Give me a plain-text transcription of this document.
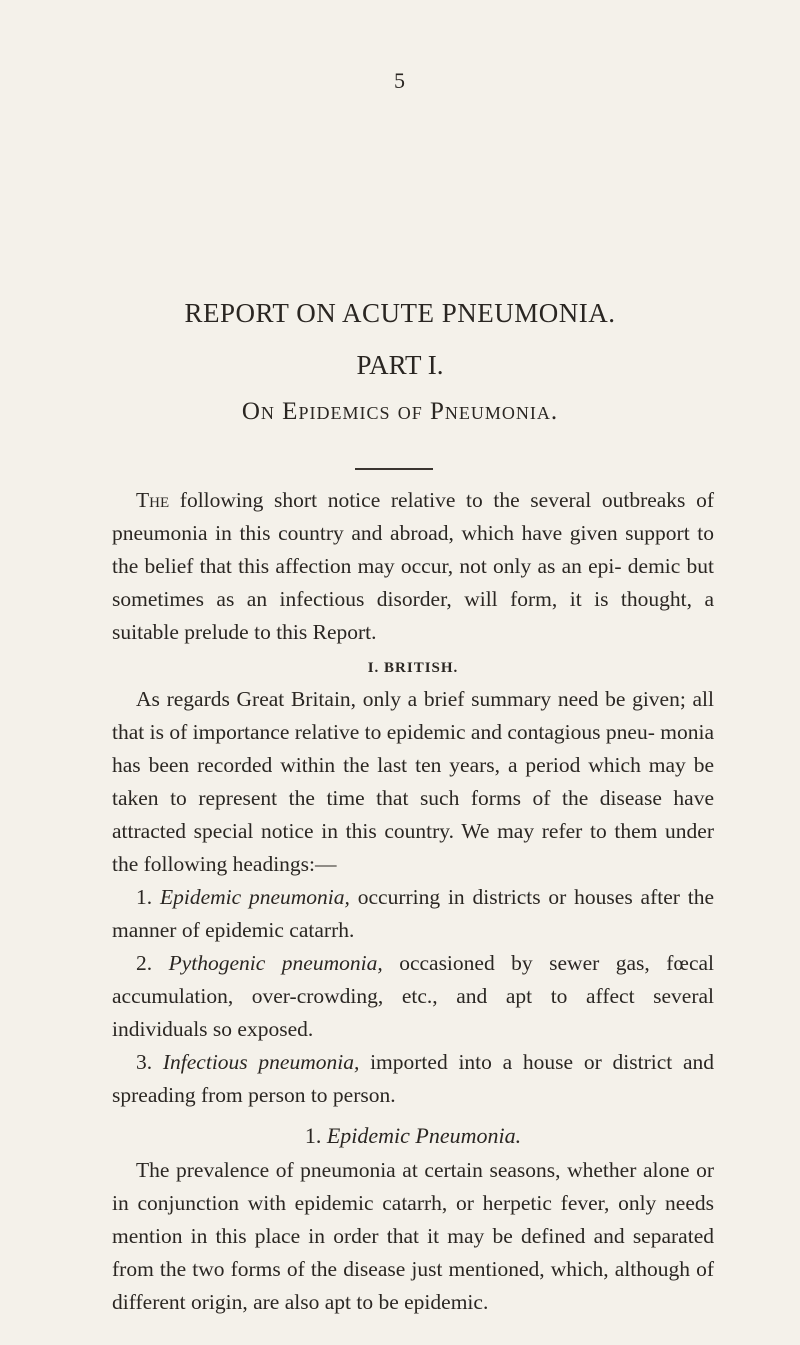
5
REPORT ON ACUTE PNEUMONIA.
PART I.
On Epidemics of Pneumonia.

The following short notice relative to the several outbreaks of pneumonia in this country and abroad, which have given support to the belief that this affection may occur, not only as an epi- demic but sometimes as an infectious disorder, will form, it is thought, a suitable prelude to this Report.

I. BRITISH.

As regards Great Britain, only a brief summary need be given; all that is of importance relative to epidemic and contagious pneu- monia has been recorded within the last ten years, a period which may be taken to represent the time that such forms of the disease have attracted special notice in this country. We may refer to them under the following headings:—

1. Epidemic pneumonia, occurring in districts or houses after the manner of epidemic catarrh.

2. Pythogenic pneumonia, occasioned by sewer gas, fœcal accumulation, over-crowding, etc., and apt to affect several individuals so exposed.

3. Infectious pneumonia, imported into a house or district and spreading from person to person.

1. Epidemic Pneumonia.

The prevalence of pneumonia at certain seasons, whether alone or in conjunction with epidemic catarrh, or herpetic fever, only needs mention in this place in order that it may be defined and separated from the two forms of the disease just mentioned, which, although of different origin, are also apt to be epidemic.
